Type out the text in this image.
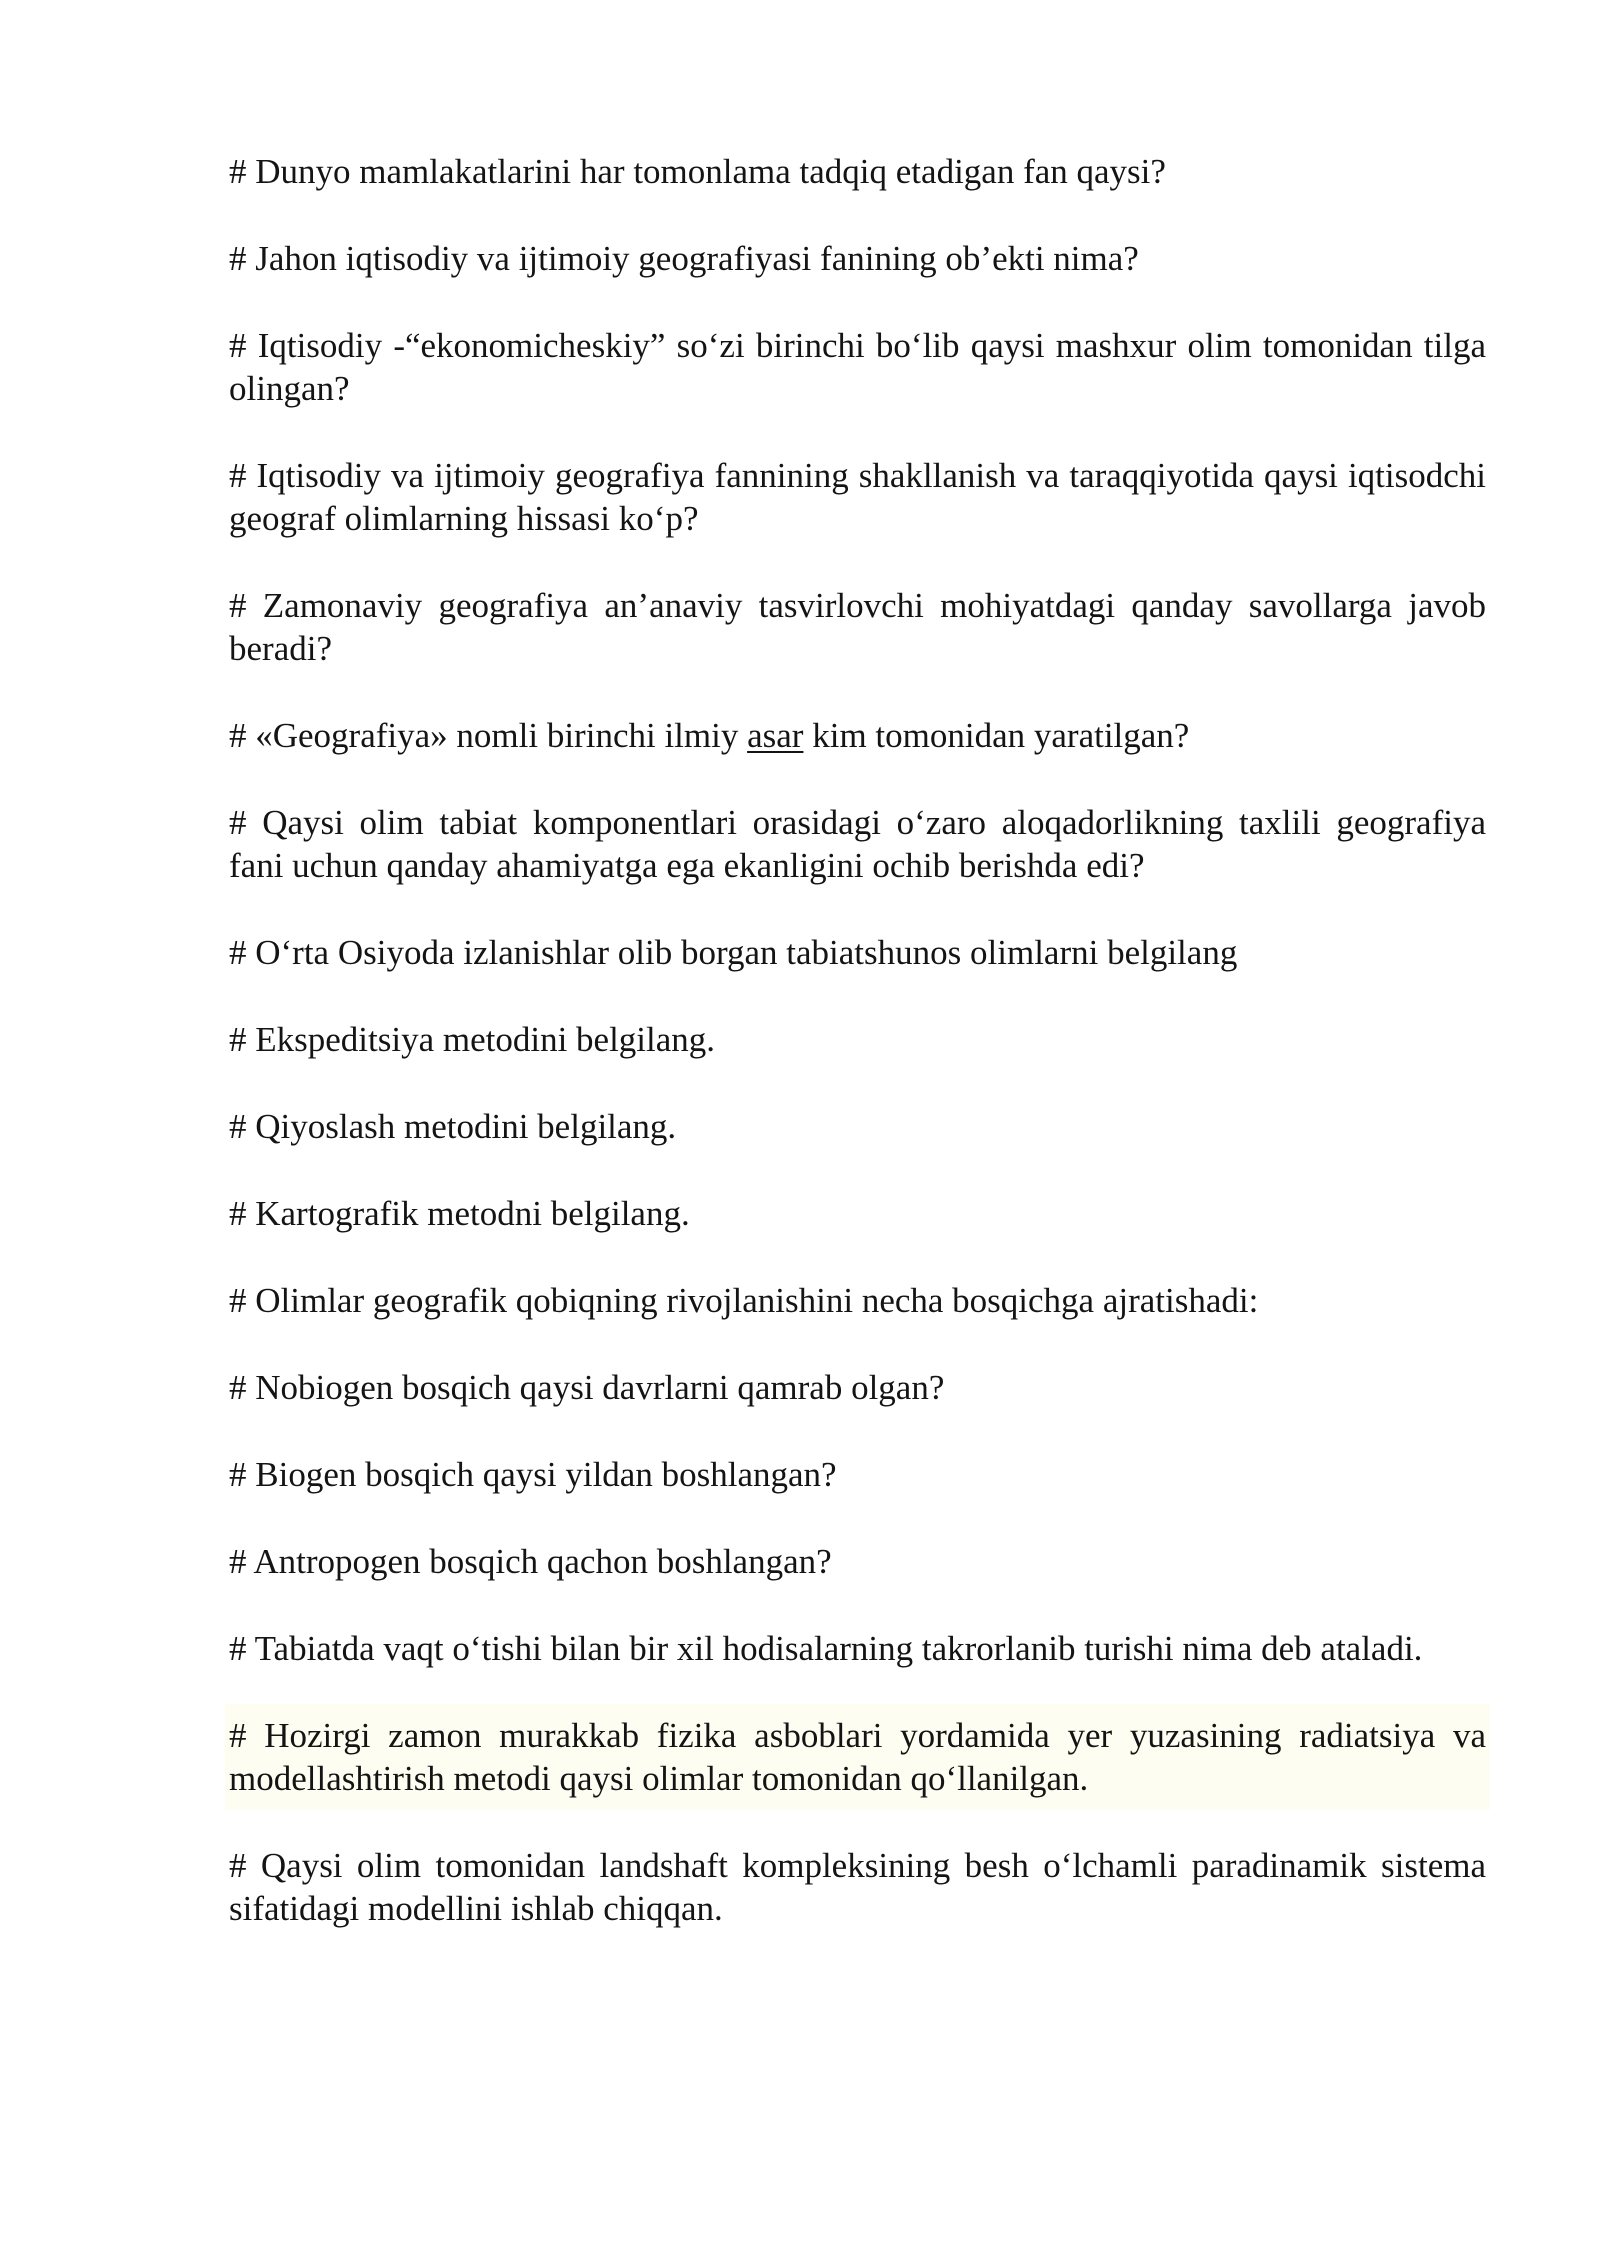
# Dunyo mamlakatlarini har tomonlama tadqiq etadigan fan qaysi?

# Jahon iqtisodiy va ijtimoiy geografiyasi fanining ob’ekti nima?

# Iqtisodiy -“ekonomicheskiy” so‘zi birinchi bo‘lib qaysi mashxur olim tomonidan tilga olingan?

# Iqtisodiy va ijtimoiy geografiya fannining shakllanish va taraqqiyotida qaysi iqtisodchi geograf olimlarning hissasi ko‘p?

# Zamonaviy geografiya an’anaviy tasvirlovchi mohiyatdagi qanday savollarga javob beradi?

# «Geografiya» nomli birinchi ilmiy asar kim tomonidan yaratilgan?

# Qaysi olim tabiat komponentlari orasidagi o‘zaro aloqadorlikning taxlili geografiya fani uchun qanday ahamiyatga ega ekanligini ochib berishda edi?

# O‘rta Osiyoda izlanishlar olib borgan tabiatshunos olimlarni belgilang

# Ekspeditsiya metodini belgilang.

# Qiyoslash metodini belgilang.

# Kartografik metodni belgilang.

# Olimlar geografik qobiqning rivojlanishini necha bosqichga ajratishadi:

# Nobiogen bosqich qaysi davrlarni qamrab olgan?

# Biogen bosqich qaysi yildan boshlangan?

# Antropogen bosqich qachon boshlangan?

# Tabiatda vaqt o‘tishi bilan bir xil hodisalarning takrorlanib turishi nima deb ataladi.

# Hozirgi zamon murakkab fizika asboblari yordamida yer yuzasining radiatsiya va modellashtirish metodi qaysi olimlar tomonidan qo‘llanilgan.

# Qaysi olim tomonidan landshaft kompleksining besh o‘lchamli paradinamik sistema sifatidagi modellini ishlab chiqqan.
